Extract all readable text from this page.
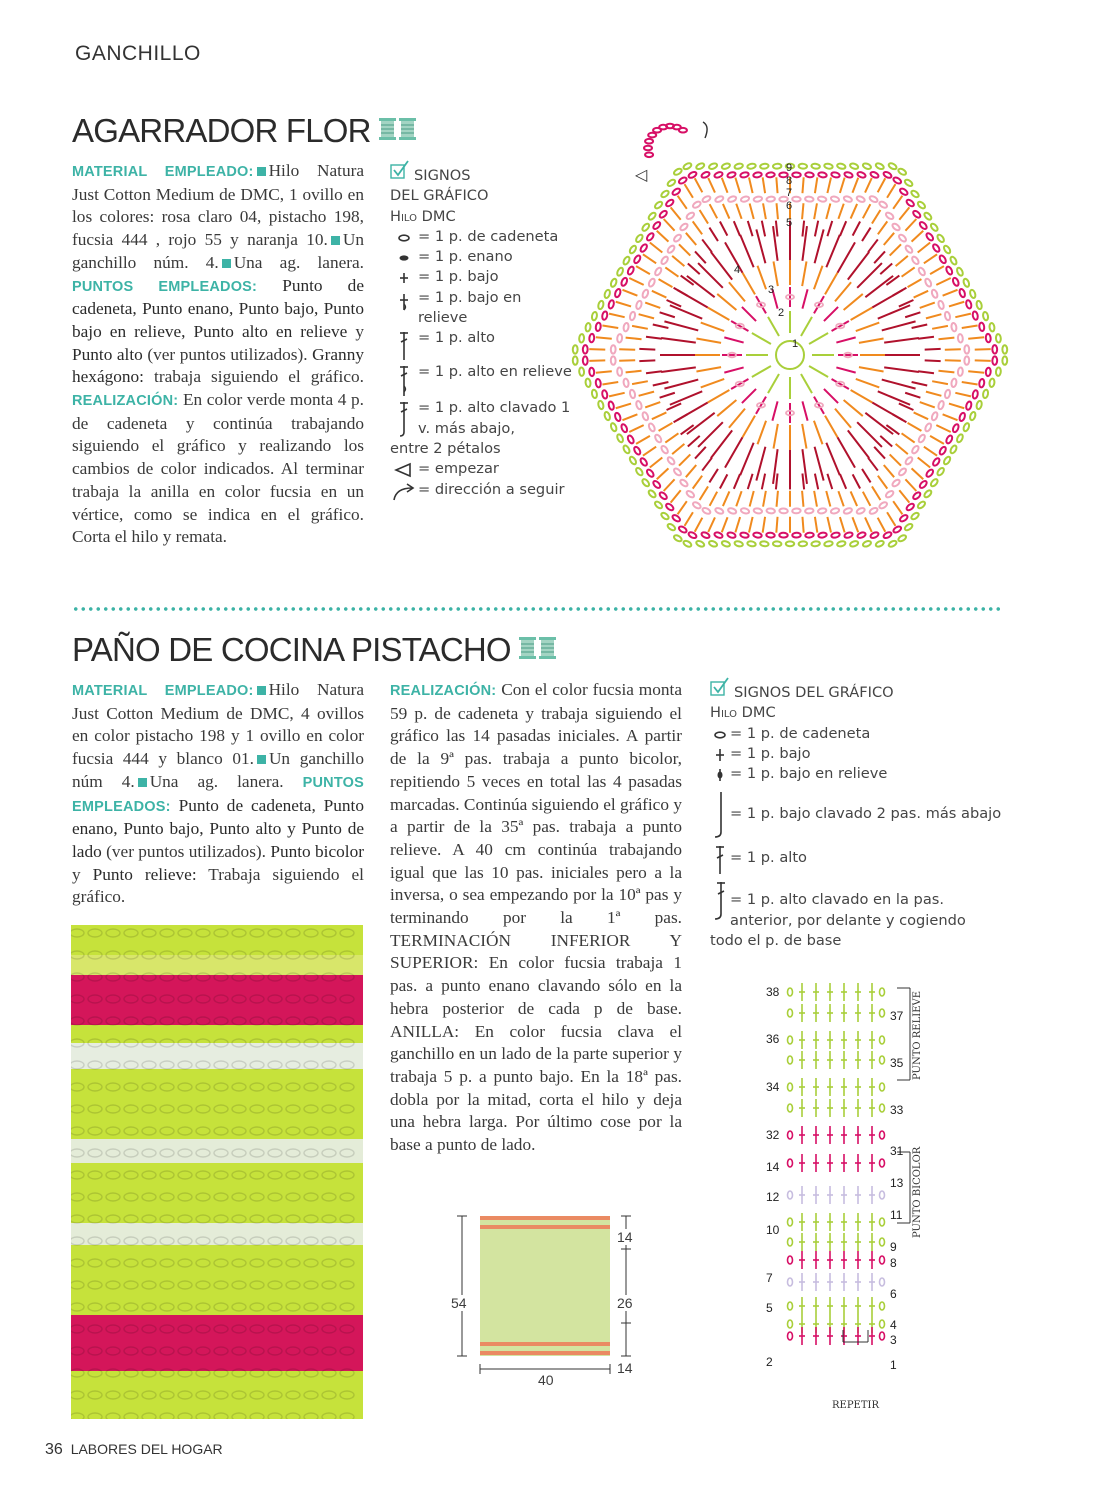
GANCHILLO
AGARRADOR FLOR
MATERIAL EMPLEADO: Hilo Natura Just Cotton Medium de DMC, 1 ovillo en los colores: rosa claro 04, pistacho 198, fucsia 444 , rojo 55 y naranja 10. Un ganchillo núm. 4. Una ag. lanera. PUNTOS EMPLEADOS: Punto de cadeneta, Punto enano, Punto bajo, Punto bajo en relieve, Punto alto en relieve y Punto alto (ver puntos utilizados). Granny hexágono: trabaja siguiendo el gráfico. REALIZACIÓN: En color verde monta 4 p. de cadeneta y continúa trabajando siguiendo el gráfico y realizando los cambios de color indicados. Al terminar trabaja la anilla en color fucsia en un vértice, como se indica en el gráfico. Corta el hilo y remata.
SIGNOS
DEL GRÁFICO
Hilo DMC
= 1 p. de cadeneta
= 1 p. enano
= 1 p. bajo
= 1 p. bajo en relieve
= 1 p. alto
= 1 p. alto en relieve
= 1 p. alto clavado 1 v. más abajo,
entre 2 pétalos
= empezar
= dirección a seguir
◁	9
8
7
6
5
4
3
2
1
PAÑO DE COCINA PISTACHO
MATERIAL EMPLEADO: Hilo Natura Just Cotton Medium de DMC, 4 ovillos en color pistacho 198 y 1 ovillo en color fucsia 444 y blanco 01. Un ganchillo núm 4. Una ag. lanera. PUNTOS EMPLEADOS: Punto de cadeneta, Punto enano, Punto bajo, Punto alto y Punto de lado (ver puntos utilizados). Punto bicolor y Punto relieve: Trabaja siguiendo el gráfico.
REALIZACIÓN: Con el color fucsia monta 59 p. de cadeneta y trabaja siguiendo el gráfico las 14 pasadas iniciales. A partir de la 9ª pas. trabaja a punto bicolor, repitiendo 5 veces en total las 4 pasadas marcadas. Continúa siguiendo el gráfico y a partir de la 35ª pas. trabaja a punto relieve. A 40 cm continúa trabajando igual que las 10 pas. iniciales pero a la inversa, o sea empezando por la 10ª pas y terminando por la 1ª pas. TERMINACIÓN INFERIOR Y SUPERIOR: En color fucsia trabaja 1 pas. a punto enano clavando sólo en la hebra posterior de cada p de base. ANILLA: En color fucsia clava el ganchillo en un lado de la parte superior y trabaja 5 p. a punto bajo. En la 18ª pas. dobla por la mitad, corta el hilo y deja una hebra larga. Por último cose por la base a punto de lado.
54
14
26
14
40
SIGNOS DEL GRÁFICO
Hilo DMC
= 1 p. de cadeneta
= 1 p. bajo
= 1 p. bajo en relieve
= 1 p. bajo clavado 2 pas. más abajo
= 1 p. alto
= 1 p. alto clavado en la pas. anterior, por delante y cogiendo
todo el p. de base
38
36
34
32
14
12
10
7
5
2
37
35
33
31
13
11
9
8
6
4
3
1
PUNTO RELIEVE
PUNTO BICOLOR
REPETIR
36 LABORES DEL HOGAR
